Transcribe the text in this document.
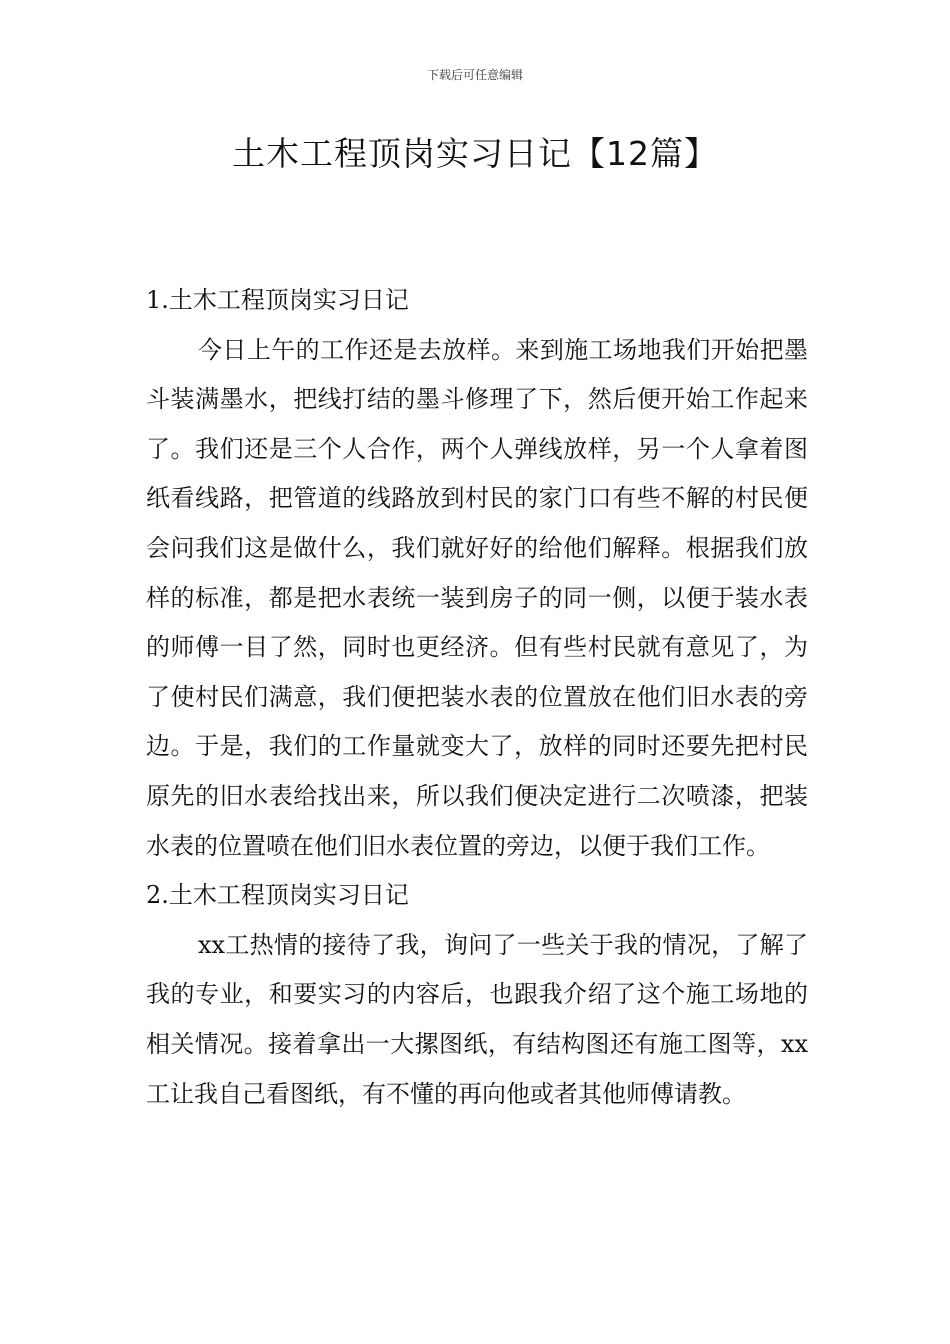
下载后可任意编辑
土木工程顶岗实习日记【12篇】
1.土木工程顶岗实习日记

今日上午的工作还是去放样。来到施工场地我们开始把墨斗装满墨水，把线打结的墨斗修理了下，然后便开始工作起来了。我们还是三个人合作，两个人弹线放样，另一个人拿着图纸看线路，把管道的线路放到村民的家门口有些不解的村民便会问我们这是做什么，我们就好好的给他们解释。根据我们放样的标准，都是把水表统一装到房子的同一侧，以便于装水表的师傅一目了然，同时也更经济。但有些村民就有意见了，为了使村民们满意，我们便把装水表的位置放在他们旧水表的旁边。于是，我们的工作量就变大了，放样的同时还要先把村民原先的旧水表给找出来，所以我们便决定进行二次喷漆，把装水表的位置喷在他们旧水表位置的旁边，以便于我们工作。

2.土木工程顶岗实习日记

xx工热情的接待了我，询问了一些关于我的情况，了解了我的专业，和要实习的内容后，也跟我介绍了这个施工场地的相关情况。接着拿出一大摞图纸，有结构图还有施工图等，xx工让我自己看图纸，有不懂的再向他或者其他师傅请教。
